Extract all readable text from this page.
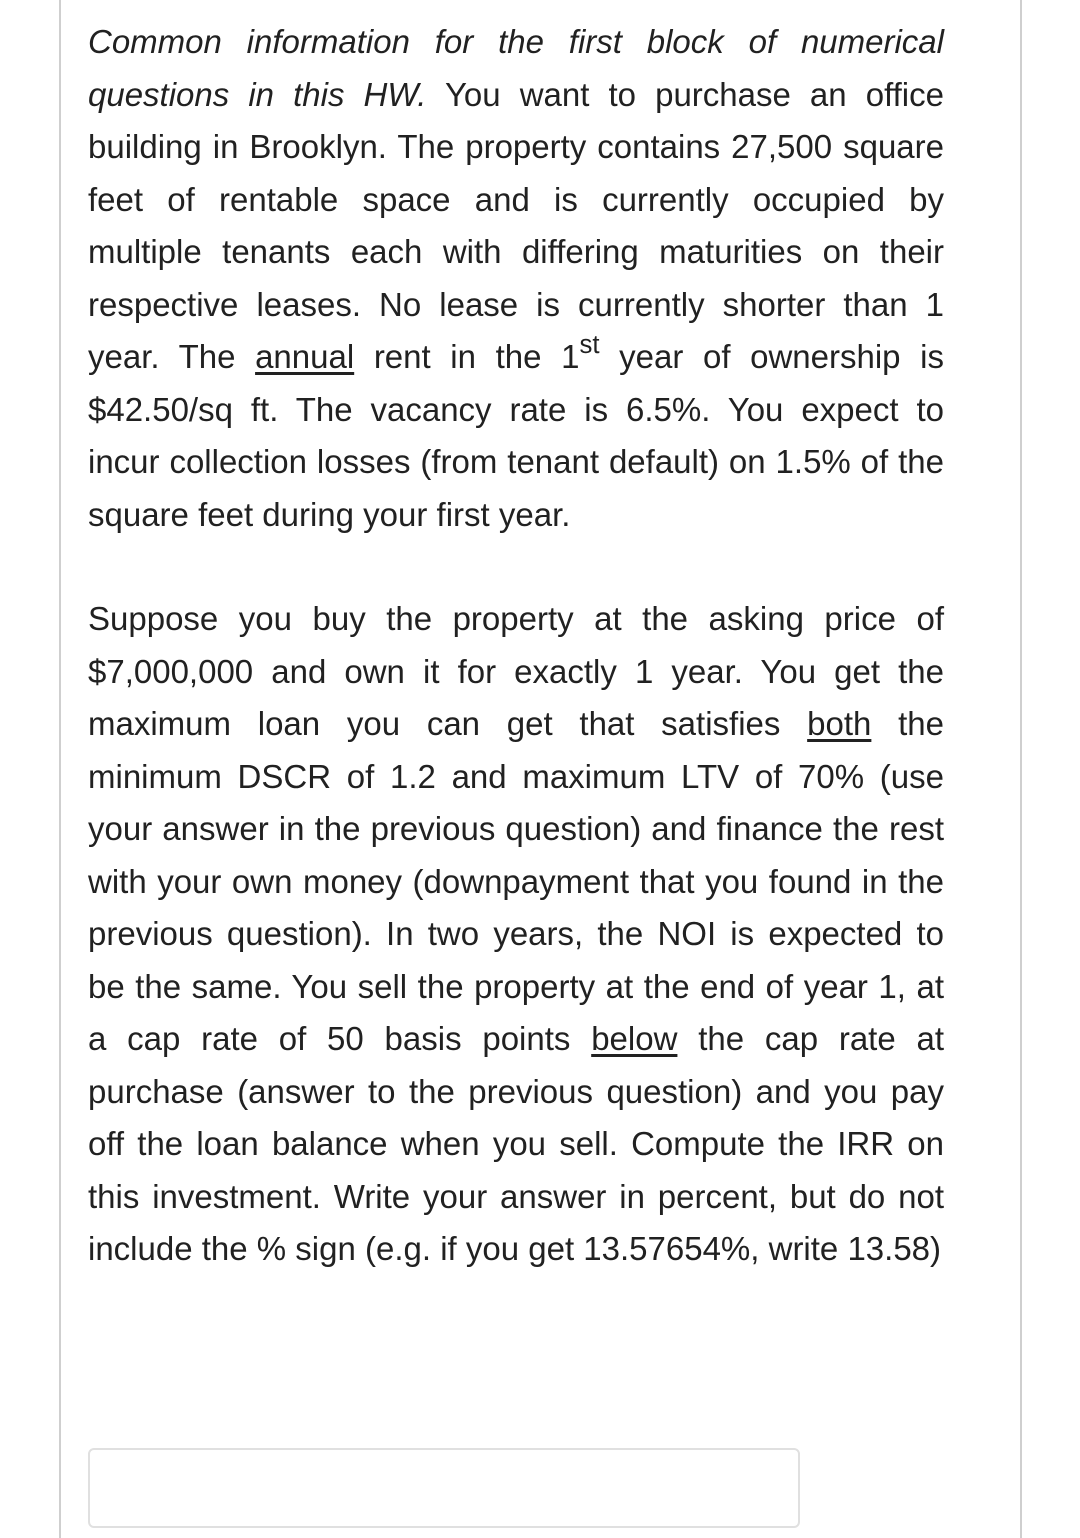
Common information for the first block of numerical questions in this HW. You want to purchase an office building in Brooklyn. The property contains 27,500 square feet of rentable space and is currently occupied by multiple tenants each with differing maturities on their respective leases. No lease is currently shorter than 1 year. The annual rent in the 1st year of ownership is $42.50/sq ft. The vacancy rate is 6.5%. You expect to incur collection losses (from tenant default) on 1.5% of the square feet during your first year.

Suppose you buy the property at the asking price of $7,000,000 and own it for exactly 1 year. You get the maximum loan you can get that satisfies both the minimum DSCR of 1.2 and maximum LTV of 70% (use your answer in the previous question) and finance the rest with your own money (downpayment that you found in the previous question). In two years, the NOI is expected to be the same. You sell the property at the end of year 1, at a cap rate of 50 basis points below the cap rate at purchase (answer to the previous question) and you pay off the loan balance when you sell. Compute the IRR on this investment. Write your answer in percent, but do not include the % sign (e.g. if you get 13.57654%, write 13.58)
